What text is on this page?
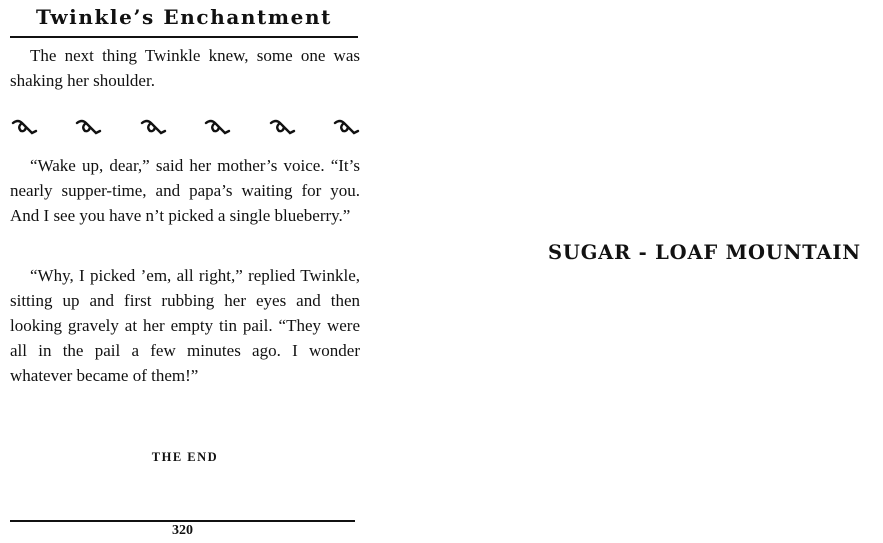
Twinkle’s Enchantment

The next thing Twinkle knew, some one was shaking her shoulder.

“Wake up, dear,” said her mother’s voice. “It’s nearly supper-time, and papa’s waiting for you. And I see you have n’t picked a single blueberry.”

“Why, I picked ’em, all right,” replied Twinkle, sitting up and first rubbing her eyes and then looking gravely at her empty tin pail. “They were all in the pail a few minutes ago. I wonder whatever became of them!”

THE END
320
SUGAR - LOAF MOUNTAIN
